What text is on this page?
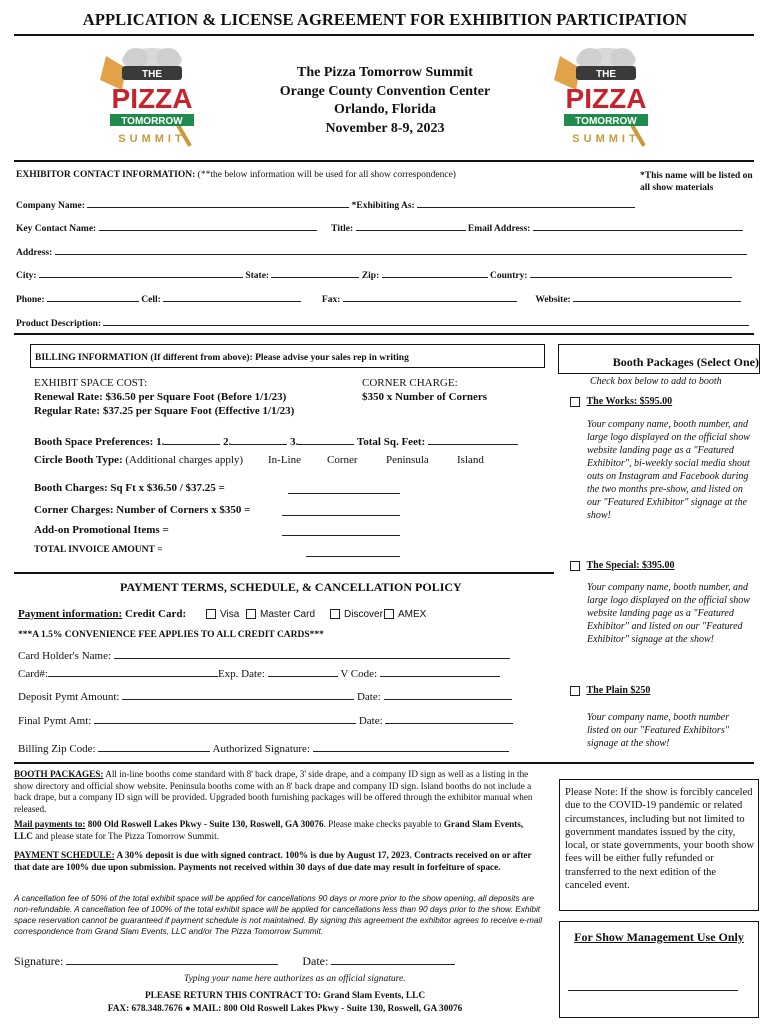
APPLICATION & LICENSE AGREEMENT FOR EXHIBITION PARTICIPATION
THE
PIZZA
TOMORROW
SUMMIT
THE
PIZZA
TOMORROW
SUMMIT
The Pizza Tomorrow Summit
Orange County Convention Center
Orlando, Florida
November 8-9, 2023
EXHIBITOR CONTACT INFORMATION: (**the below information will be used for all show correspondence)	*This name will be listed on all show materials
Company Name:	*Exhibiting As:
Key Contact Name:	Title:	Email Address:
Address:
City:	State:	Zip:	Country:
Phone:	Cell:	Fax:	Website:
Product Description:
BILLING INFORMATION (If different from above): Please advise your sales rep in writing
EXHIBIT SPACE COST:
Renewal Rate: $36.50 per Square Foot (Before 1/1/23)
Regular Rate: $37.25 per Square Foot (Effective 1/1/23)
CORNER CHARGE:
$350 x Number of Corners
Booth Space Preferences: 1.	2.	3.	Total Sq. Feet:
Circle Booth Type: (Additional charges apply) In-Line Corner	Peninsula	Island
Booth Charges: Sq Ft x $36.50 / $37.25 =
Corner Charges: Number of Corners x $350 =
Add-on Promotional Items =
TOTAL INVOICE AMOUNT =
Booth Packages (Select One)
Check box below to add to booth
The Works: $595.00
Your company name, booth number, and large logo displayed on the official show website landing page as a "Featured Exhibitor", bi-weekly social media shout outs on Instagram and Facebook during the two months pre-show, and listed on our "Featured Exhibitor" signage at the show!
The Special: $395.00
Your company name, booth number, and large logo displayed on the official show website landing page as a "Featured Exhibitor" and listed on our "Featured Exhibitor" signage at the show!
The Plain $250
Your company name, booth number listed on our "Featured Exhibitors" signage at the show!
PAYMENT TERMS, SCHEDULE, & CANCELLATION POLICY
Payment information: Credit Card:	Visa	Master Card	Discover	AMEX
***A 1.5% CONVENIENCE FEE APPLIES TO ALL CREDIT CARDS***
Card Holder's Name:
Card#:	Exp. Date:	V Code:
Deposit Pymt Amount:	Date:
Final Pymt Amt:	Date:
Billing Zip Code:	Authorized Signature:
BOOTH PACKAGES: All in-line booths come standard with 8' back drape, 3' side drape, and a company ID sign as well as a listing in the show directory and official show website. Peninsula booths come with an 8' back drape and company ID sign. Island booths do not include a back drape, but a company ID sign will be provided. Upgraded booth furnishing packages will be offered through the exhibitor manual when released.
Mail payments to: 800 Old Roswell Lakes Pkwy - Suite 130, Roswell, GA 30076. Please make checks payable to Grand Slam Events, LLC and please state for The Pizza Tomorrow Summit.
PAYMENT SCHEDULE: A 30% deposit is due with signed contract. 100% is due by August 17, 2023. Contracts received on or after that date are 100% due upon submission. Payments not received within 30 days of due date may result in forfeiture of space.
A cancellation fee of 50% of the total exhibit space will be applied for cancellations 90 days or more prior to the show opening, all deposits are non-refundable. A cancellation fee of 100% of the total exhibit space will be applied for cancellations less than 90 days prior to the show. Exhibit space reservation cannot be guaranteed if payment schedule is not maintained. By signing this agreement the exhibitor agrees to receive e-mail correspondence from Grand Slam Events, LLC and/or The Pizza Tomorrow Summit.
Please Note: If the show is forcibly canceled due to the COVID-19 pandemic or related circumstances, including but not limited to government mandates issued by the city, local, or state governments, your booth show fees will be either fully refunded or transferred to the next edition of the canceled event.
For Show Management Use Only
Signature:	Date:
Typing your name here authorizes as an official signature.
PLEASE RETURN THIS CONTRACT TO: Grand Slam Events, LLC
FAX: 678.348.7676 ● MAIL: 800 Old Roswell Lakes Pkwy - Suite 130, Roswell, GA 30076
